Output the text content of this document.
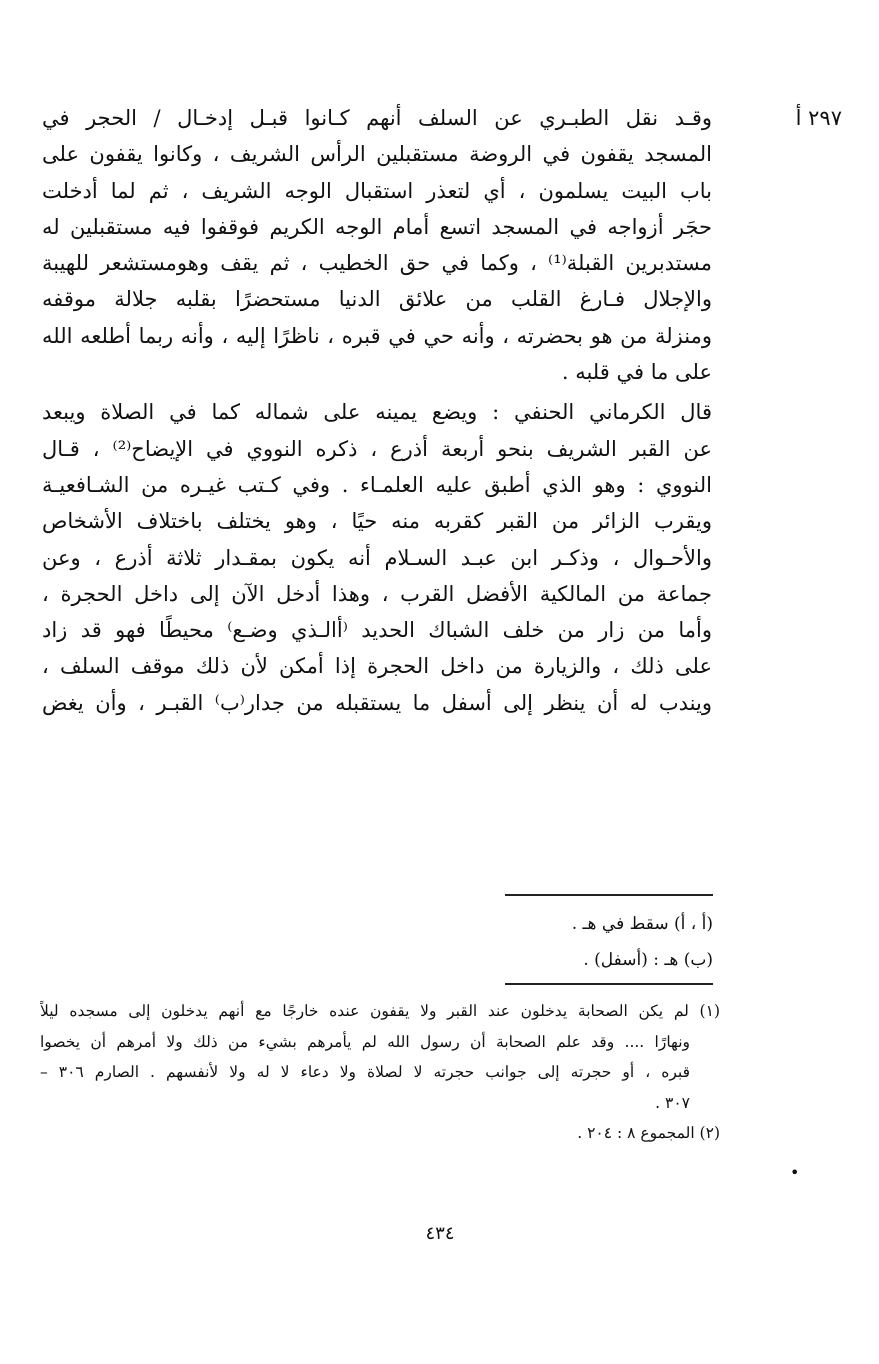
٢٩٧ أ
وقـد نقل الطبـري عن السلف أنهم كـانوا قبـل إدخـال / الحجر في
المسجد يقفون في الروضة مستقبلين الرأس الشريف ، وكانوا يقفون على
باب البيت يسلمون ، أي لتعذر استقبال الوجه الشريف ، ثم لما أدخلت
حجَر أزواجه في المسجد اتسع أمام الوجه الكريم فوقفوا فيه مستقبلين له
مستدبرين القبلة⁽¹⁾ ، وكما في حق الخطيب ، ثم يقف وهومستشعر للهيبة
والإجلال فـارغ القلب من علائق الدنيا مستحضرًا بقلبه جلالة موقفه
ومنزلة من هو بحضرته ، وأنه حي في قبره ، ناظرًا إليه ، وأنه ربما أطلعه الله
على ما في قلبه .
قال الكرماني الحنفي : ويضع يمينه على شماله كما في الصلاة ويبعد
عن القبر الشريف بنحو أربعة أذرع ، ذكره النووي في الإيضاح⁽²⁾ ، قـال
النووي : وهو الذي أطبق عليه العلمـاء . وفي كـتب غيـره من الشـافعيـة
ويقرب الزائر من القبر كقربه منه حيًا ، وهو يختلف باختلاف الأشخاص
والأحـوال ، وذكـر ابن عبـد السـلام أنه يكون بمقـدار ثلاثة أذرع ، وعن
جماعة من المالكية الأفضل القرب ، وهذا أدخل الآن إلى داخل الحجرة ،
وأما من زار من خلف الشباك الحديد ⁽أالـذي وضـع⁾ محيطًا فهو قد زاد
على ذلك ، والزيارة من داخل الحجرة إذا أمكن لأن ذلك موقف السلف ،
ويندب له أن ينظر إلى أسفل ما يستقبله من جدار⁽ب⁾ القبـر ، وأن يغض
(أ ، أ) سقط في هـ .
(ب) هـ : (أسفل) .
(١) لم يكن الصحابة يدخلون عند القبر ولا يقفون عنده خارجًا مع أنهم يدخلون إلى مسجده ليلاً
ونهارًا .... وقد علم الصحابة أن رسول الله لم يأمرهم بشيء من ذلك ولا أمرهم أن يخصوا
قبره ، أو حجرته إلى جوانب حجرته لا لصلاة ولا دعاء لا له ولا لأنفسهم . الصارم ٣٠٦ –
٣٠٧ .
(٢) المجموع ٨ : ٢٠٤ .
•
٤٣٤
